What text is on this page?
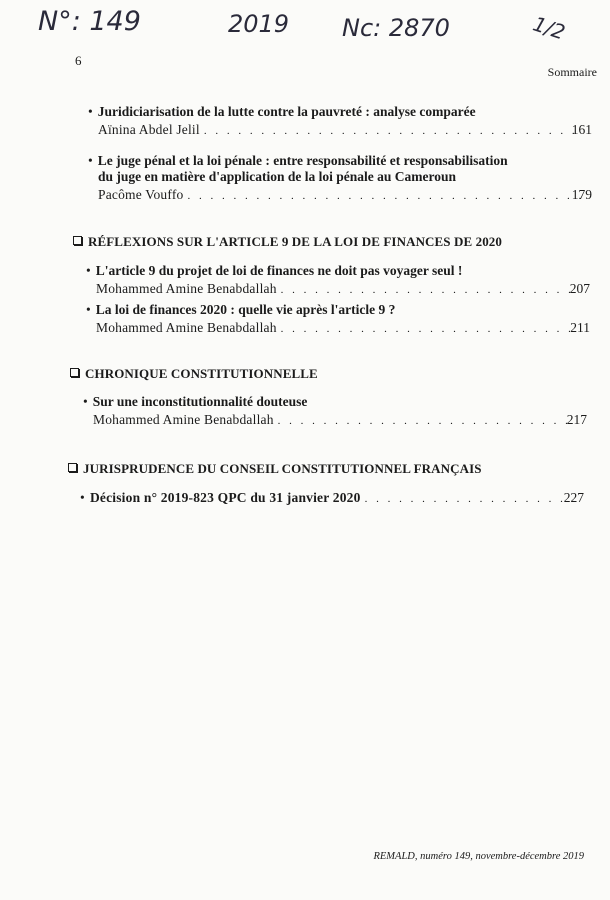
N°: 149	2019 Nc: 2870	1/2
6
Sommaire
• Juridiciarisation de la lutte contre la pauvreté : analyse comparée
Aïnina Abdel Jelil . . .	161
• Le juge pénal et la loi pénale : entre responsabilité et responsabilisation
du juge en matière d'application de la loi pénale au Cameroun
Pacôme Vouffo . . .	179
RÉFLEXIONS SUR L'ARTICLE 9 DE LA LOI DE FINANCES DE 2020
• L'article 9 du projet de loi de finances ne doit pas voyager seul !
Mohammed Amine Benabdallah . . .	207
• La loi de finances 2020 : quelle vie après l'article 9 ?
Mohammed Amine Benabdallah . . .	211
CHRONIQUE CONSTITUTIONNELLE
• Sur une inconstitutionnalité douteuse
Mohammed Amine Benabdallah . . .	217
JURISPRUDENCE DU CONSEIL CONSTITUTIONNEL FRANÇAIS
• Décision n° 2019-823 QPC du 31 janvier 2020 . . .	227
REMALD, numéro 149, novembre-décembre 2019
